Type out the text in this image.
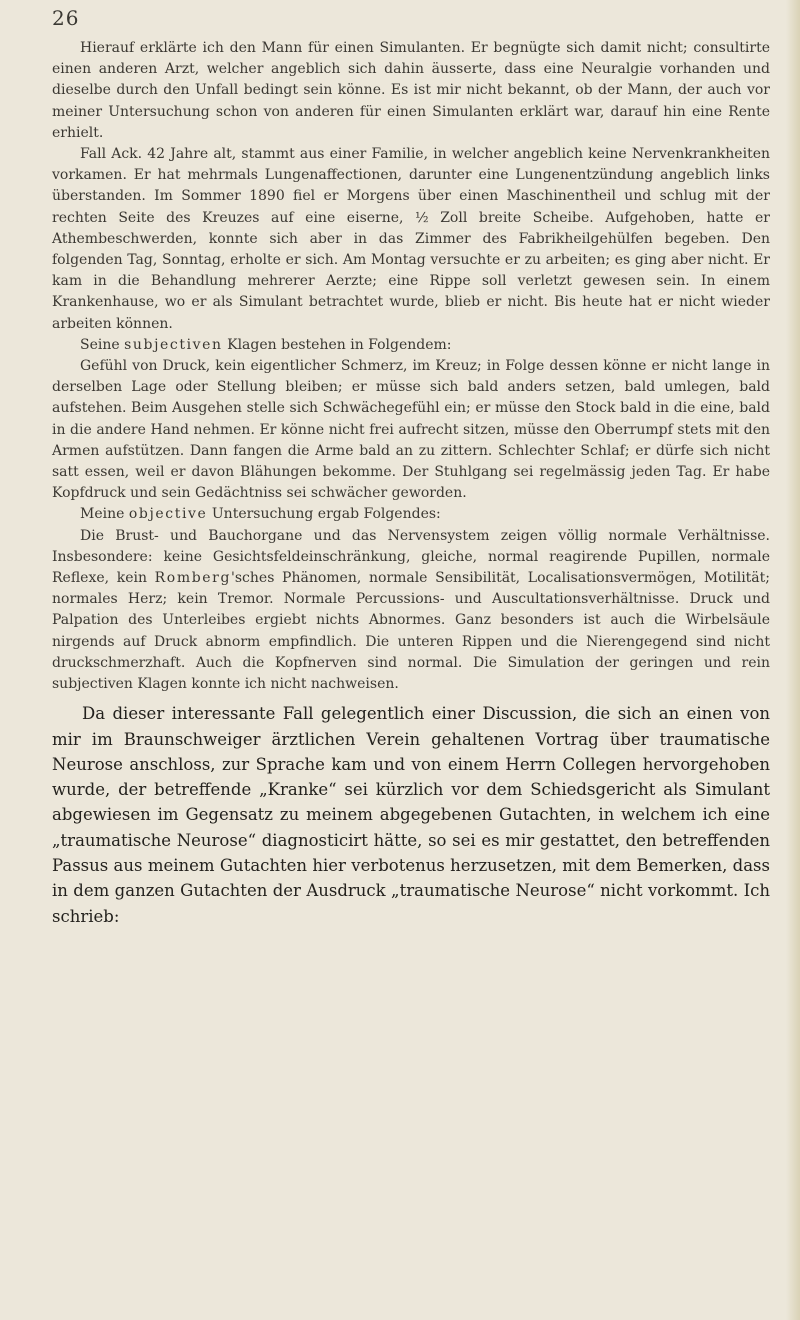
26

Hierauf erklärte ich den Mann für einen Simulanten. Er begnügte sich damit nicht; consultirte einen anderen Arzt, welcher angeblich sich dahin äusserte, dass eine Neuralgie vorhanden und dieselbe durch den Unfall bedingt sein könne. Es ist mir nicht bekannt, ob der Mann, der auch vor meiner Untersuchung schon von anderen für einen Simulanten erklärt war, darauf hin eine Rente erhielt.

Fall Ack. 42 Jahre alt, stammt aus einer Familie, in welcher angeblich keine Nervenkrankheiten vorkamen. Er hat mehrmals Lungenaffectionen, darunter eine Lungenentzündung angeblich links überstanden. Im Sommer 1890 fiel er Morgens über einen Maschinentheil und schlug mit der rechten Seite des Kreuzes auf eine eiserne, ½ Zoll breite Scheibe. Aufgehoben, hatte er Athembeschwerden, konnte sich aber in das Zimmer des Fabrikheilgehülfen begeben. Den folgenden Tag, Sonntag, erholte er sich. Am Montag versuchte er zu arbeiten; es ging aber nicht. Er kam in die Behandlung mehrerer Aerzte; eine Rippe soll verletzt gewesen sein. In einem Krankenhause, wo er als Simulant betrachtet wurde, blieb er nicht. Bis heute hat er nicht wieder arbeiten können.

Seine subjectiven Klagen bestehen in Folgendem:

Gefühl von Druck, kein eigentlicher Schmerz, im Kreuz; in Folge dessen könne er nicht lange in derselben Lage oder Stellung bleiben; er müsse sich bald anders setzen, bald umlegen, bald aufstehen. Beim Ausgehen stelle sich Schwächegefühl ein; er müsse den Stock bald in die eine, bald in die andere Hand nehmen. Er könne nicht frei aufrecht sitzen, müsse den Oberrumpf stets mit den Armen aufstützen. Dann fangen die Arme bald an zu zittern. Schlechter Schlaf; er dürfe sich nicht satt essen, weil er davon Blähungen bekomme. Der Stuhlgang sei regelmässig jeden Tag. Er habe Kopfdruck und sein Gedächtniss sei schwächer geworden.

Meine objective Untersuchung ergab Folgendes:

Die Brust- und Bauchorgane und das Nervensystem zeigen völlig normale Verhältnisse. Insbesondere: keine Gesichtsfeldeinschränkung, gleiche, normal reagirende Pupillen, normale Reflexe, kein Romberg'sches Phänomen, normale Sensibilität, Localisationsvermögen, Motilität; normales Herz; kein Tremor. Normale Percussions- und Auscultationsverhältnisse. Druck und Palpation des Unterleibes ergiebt nichts Abnormes. Ganz besonders ist auch die Wirbelsäule nirgends auf Druck abnorm empfindlich. Die unteren Rippen und die Nierengegend sind nicht druckschmerzhaft. Auch die Kopfnerven sind normal. Die Simulation der geringen und rein subjectiven Klagen konnte ich nicht nachweisen.

Da dieser interessante Fall gelegentlich einer Discussion, die sich an einen von mir im Braunschweiger ärztlichen Verein gehaltenen Vortrag über traumatische Neurose anschloss, zur Sprache kam und von einem Herrn Collegen hervorgehoben wurde, der betreffende „Kranke“ sei kürzlich vor dem Schiedsgericht als Simulant abgewiesen im Gegensatz zu meinem abgegebenen Gutachten, in welchem ich eine „traumatische Neurose“ diagnosticirt hätte, so sei es mir gestattet, den betreffenden Passus aus meinem Gutachten hier verbotenus herzusetzen, mit dem Bemerken, dass in dem ganzen Gutachten der Ausdruck „traumatische Neurose“ nicht vorkommt. Ich schrieb:
